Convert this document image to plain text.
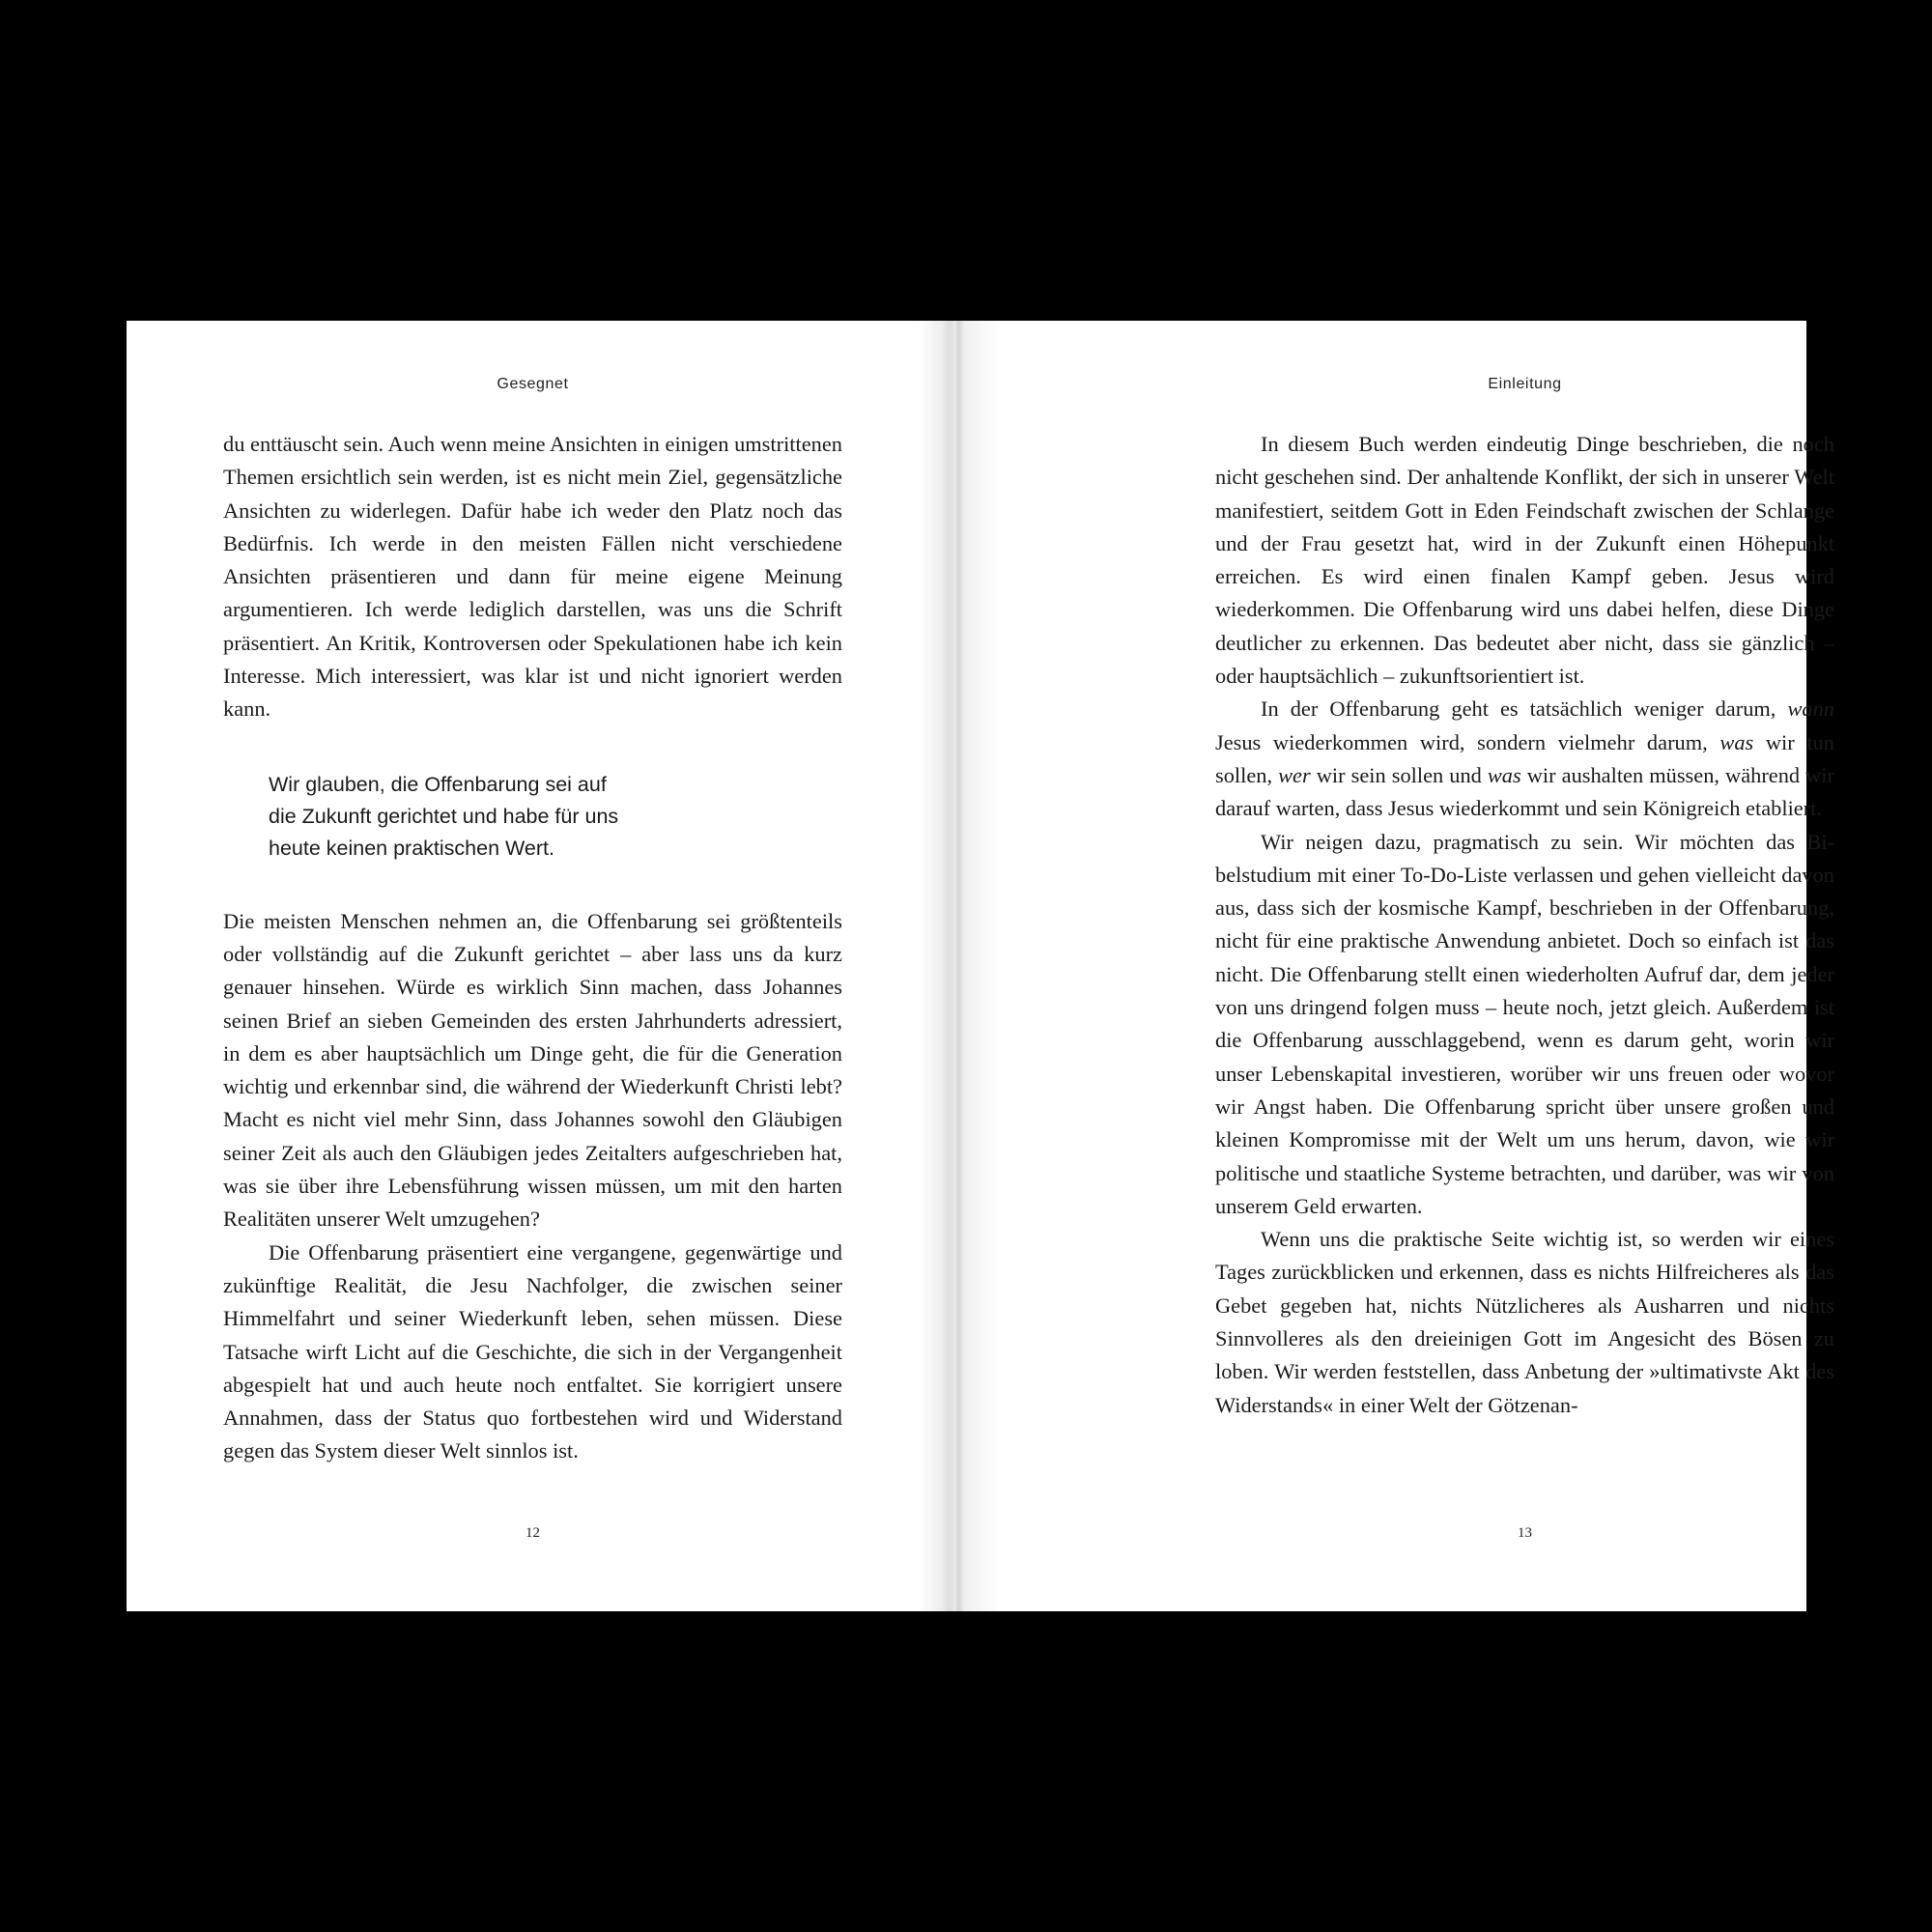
Gesegnet

du enttäuscht sein. Auch wenn meine Ansichten in einigen umstrittenen Themen ersichtlich sein werden, ist es nicht mein Ziel, gegensätzliche Ansichten zu widerlegen. Dafür habe ich weder den Platz noch das Bedürfnis. Ich werde in den meisten Fällen nicht verschiedene Ansichten präsentieren und dann für meine eigene Meinung argumentieren. Ich werde lediglich darstellen, was uns die Schrift präsentiert. An Kritik, Kontroversen oder Spekulationen habe ich kein Interesse. Mich interessiert, was klar ist und nicht ignoriert werden kann.

Wir glauben, die Offenbarung sei auf
die Zukunft gerichtet und habe für uns
heute keinen praktischen Wert.

Die meisten Menschen nehmen an, die Offenbarung sei größtenteils oder vollständig auf die Zukunft gerichtet – aber lass uns da kurz genauer hinsehen. Würde es wirklich Sinn machen, dass Johannes seinen Brief an sieben Gemeinden des ersten Jahrhunderts adressiert, in dem es aber hauptsächlich um Dinge geht, die für die Generation wichtig und erkennbar sind, die während der Wiederkunft Christi lebt? Macht es nicht viel mehr Sinn, dass Johannes sowohl den Gläubigen seiner Zeit als auch den Gläubigen jedes Zeitalters aufgeschrieben hat, was sie über ihre Lebensführung wissen müssen, um mit den harten Realitäten unserer Welt umzugehen?

Die Offenbarung präsentiert eine vergangene, gegenwärtige und zukünftige Realität, die Jesu Nachfolger, die zwischen seiner Himmelfahrt und seiner Wiederkunft leben, sehen müssen. Diese Tatsache wirft Licht auf die Geschichte, die sich in der Vergangenheit abgespielt hat und auch heute noch entfaltet. Sie korrigiert unsere Annahmen, dass der Status quo fortbestehen wird und Widerstand gegen das System dieser Welt sinnlos ist.

12
Einleitung

In diesem Buch werden eindeutig Dinge beschrieben, die noch nicht geschehen sind. Der anhaltende Konflikt, der sich in unserer Welt manifestiert, seitdem Gott in Eden Feindschaft zwischen der Schlange und der Frau gesetzt hat, wird in der Zukunft einen Höhepunkt erreichen. Es wird einen finalen Kampf geben. Jesus wird wiederkommen. Die Offenbarung wird uns dabei helfen, diese Dinge deutlicher zu erkennen. Das bedeutet aber nicht, dass sie gänzlich – oder hauptsächlich – zukunftsorientiert ist.

In der Offenbarung geht es tatsächlich weniger darum, wann Jesus wiederkommen wird, sondern vielmehr darum, was wir tun sollen, wer wir sein sollen und was wir aushalten müssen, während wir darauf warten, dass Jesus wiederkommt und sein Königreich etabliert.

Wir neigen dazu, pragmatisch zu sein. Wir möchten das Bibelstudium mit einer To-Do-Liste verlassen und gehen vielleicht davon aus, dass sich der kosmische Kampf, beschrieben in der Offenbarung, nicht für eine praktische Anwendung anbietet. Doch so einfach ist das nicht. Die Offenbarung stellt einen wiederholten Aufruf dar, dem jeder von uns dringend folgen muss – heute noch, jetzt gleich. Außerdem ist die Offenbarung ausschlaggebend, wenn es darum geht, worin wir unser Lebenskapital investieren, worüber wir uns freuen oder wovor wir Angst haben. Die Offenbarung spricht über unsere großen und kleinen Kompromisse mit der Welt um uns herum, davon, wie wir politische und staatliche Systeme betrachten, und darüber, was wir von unserem Geld erwarten.

Wenn uns die praktische Seite wichtig ist, so werden wir eines Tages zurückblicken und erkennen, dass es nichts Hilfreicheres als das Gebet gegeben hat, nichts Nützlicheres als Ausharren und nichts Sinnvolleres als den dreieinigen Gott im Angesicht des Bösen zu loben. Wir werden feststellen, dass Anbetung der »ultimativste Akt des Widerstands« in einer Welt der Götzenan-

13
